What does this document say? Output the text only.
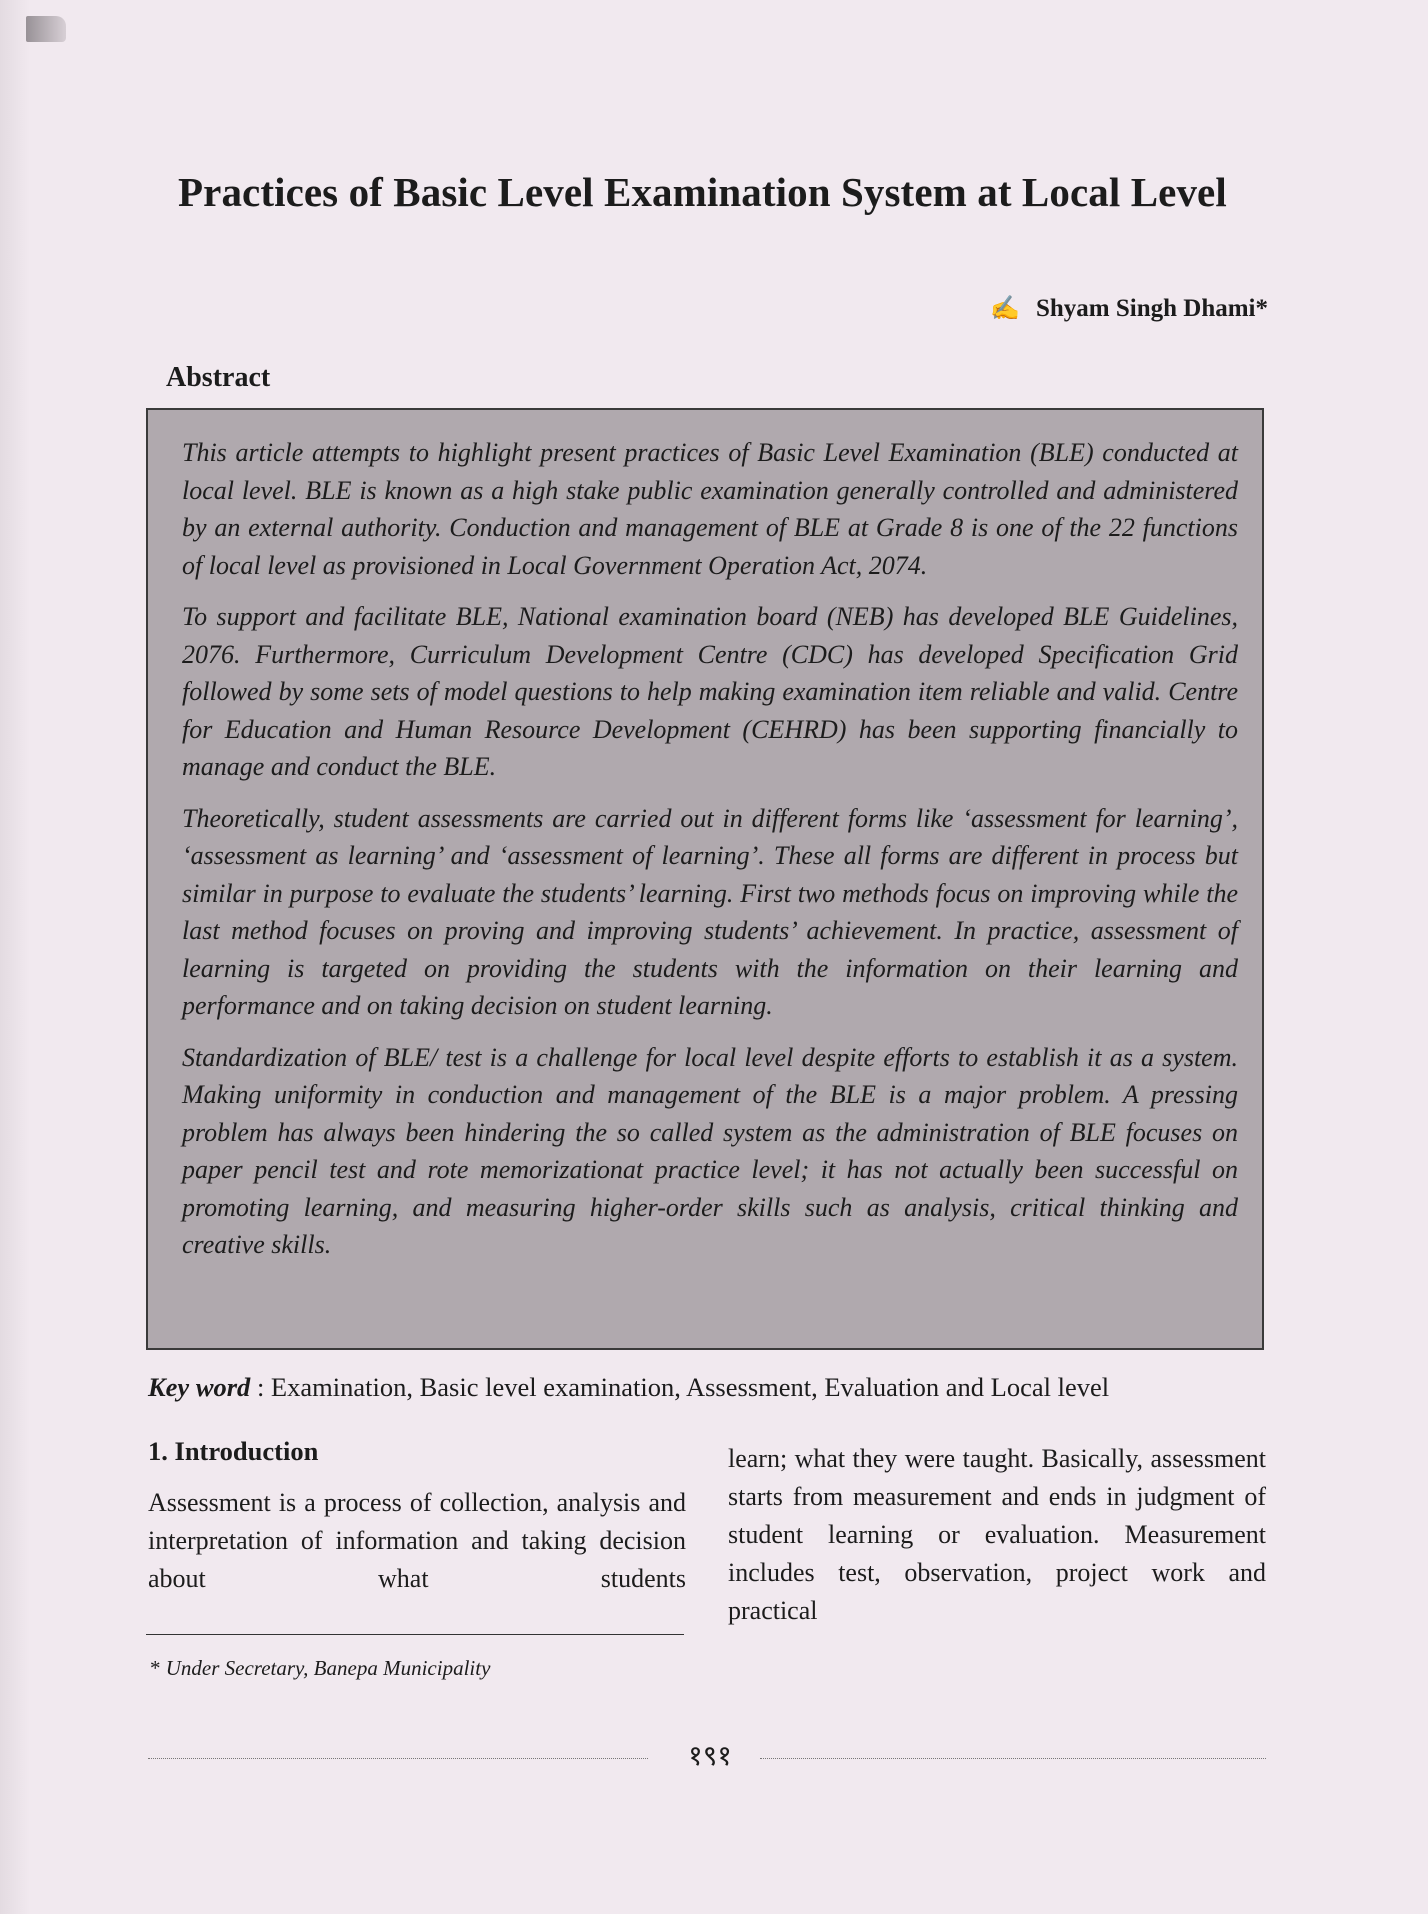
Practices of Basic Level Examination System at Local Level
✍ Shyam Singh Dhami*
Abstract

This article attempts to highlight present practices of Basic Level Examination (BLE) conducted at local level. BLE is known as a high stake public examination generally controlled and administered by an external authority. Conduction and management of BLE at Grade 8 is one of the 22 functions of local level as provisioned in Local Government Operation Act, 2074.

To support and facilitate BLE, National examination board (NEB) has developed BLE Guidelines, 2076. Furthermore, Curriculum Development Centre (CDC) has developed Specification Grid followed by some sets of model questions to help making examination item reliable and valid. Centre for Education and Human Resource Development (CEHRD) has been supporting financially to manage and conduct the BLE.

Theoretically, student assessments are carried out in different forms like ‘assessment for learning’, ‘assessment as learning’ and ‘assessment of learning’. These all forms are different in process but similar in purpose to evaluate the students’ learning. First two methods focus on improving while the last method focuses on proving and improving students’ achievement. In practice, assessment of learning is targeted on providing the students with the information on their learning and performance and on taking decision on student learning.

Standardization of BLE/ test is a challenge for local level despite efforts to establish it as a system. Making uniformity in conduction and management of the BLE is a major problem. A pressing problem has always been hindering the so called system as the administration of BLE focuses on paper pencil test and rote memorizationat practice level; it has not actually been successful on promoting learning, and measuring higher-order skills such as analysis, critical thinking and creative skills.

Key word : Examination, Basic level examination, Assessment, Evaluation and Local level
1. Introduction
Assessment is a process of collection, analysis and interpretation of information and taking decision about what students
learn; what they were taught. Basically, assessment starts from measurement and ends in judgment of student learning or evaluation. Measurement includes test, observation, project work and practical
* Under Secretary, Banepa Municipality
१९१
